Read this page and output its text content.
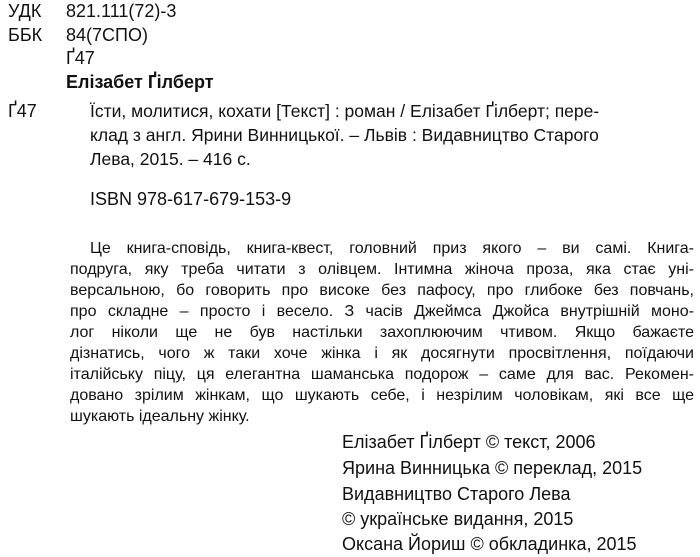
УДК	821.111(72)-3
ББК	84(7СПО)
Ґ47
Елізабет Ґілберт
Ґ47	Їсти, молитися, кохати [Текст] : роман / Елізабет Ґілберт; пере-
клад з англ. Ярини Винницької. – Львів : Видавництво Старого
Лева, 2015. – 416 с.
ISBN 978-617-679-153-9
Це книга-сповідь, книга-квест, головний приз якого – ви самі. Книга-
подруга, яку треба читати з олівцем. Інтимна жіноча проза, яка стає уні-
версальною, бо говорить про високе без пафосу, про глибоке без повчань,
про складне – просто і весело. З часів Джеймса Джойса внутрішній моно-
лог ніколи ще не був настільки захоплюючим чтивом. Якщо бажаєте
дізнатись, чого ж таки хоче жінка і як досягнути просвітлення, поїдаючи
італійську піцу, ця елегантна шаманська подорож – саме для вас. Рекомен-
довано зрілим жінкам, що шукають себе, і незрілим чоловікам, які все ще
шукають ідеальну жінку.
Елізабет Ґілберт © текст, 2006
Ярина Винницька © переклад, 2015
Видавництво Старого Лева
© українське видання, 2015
Оксана Йориш © обкладинка, 2015
